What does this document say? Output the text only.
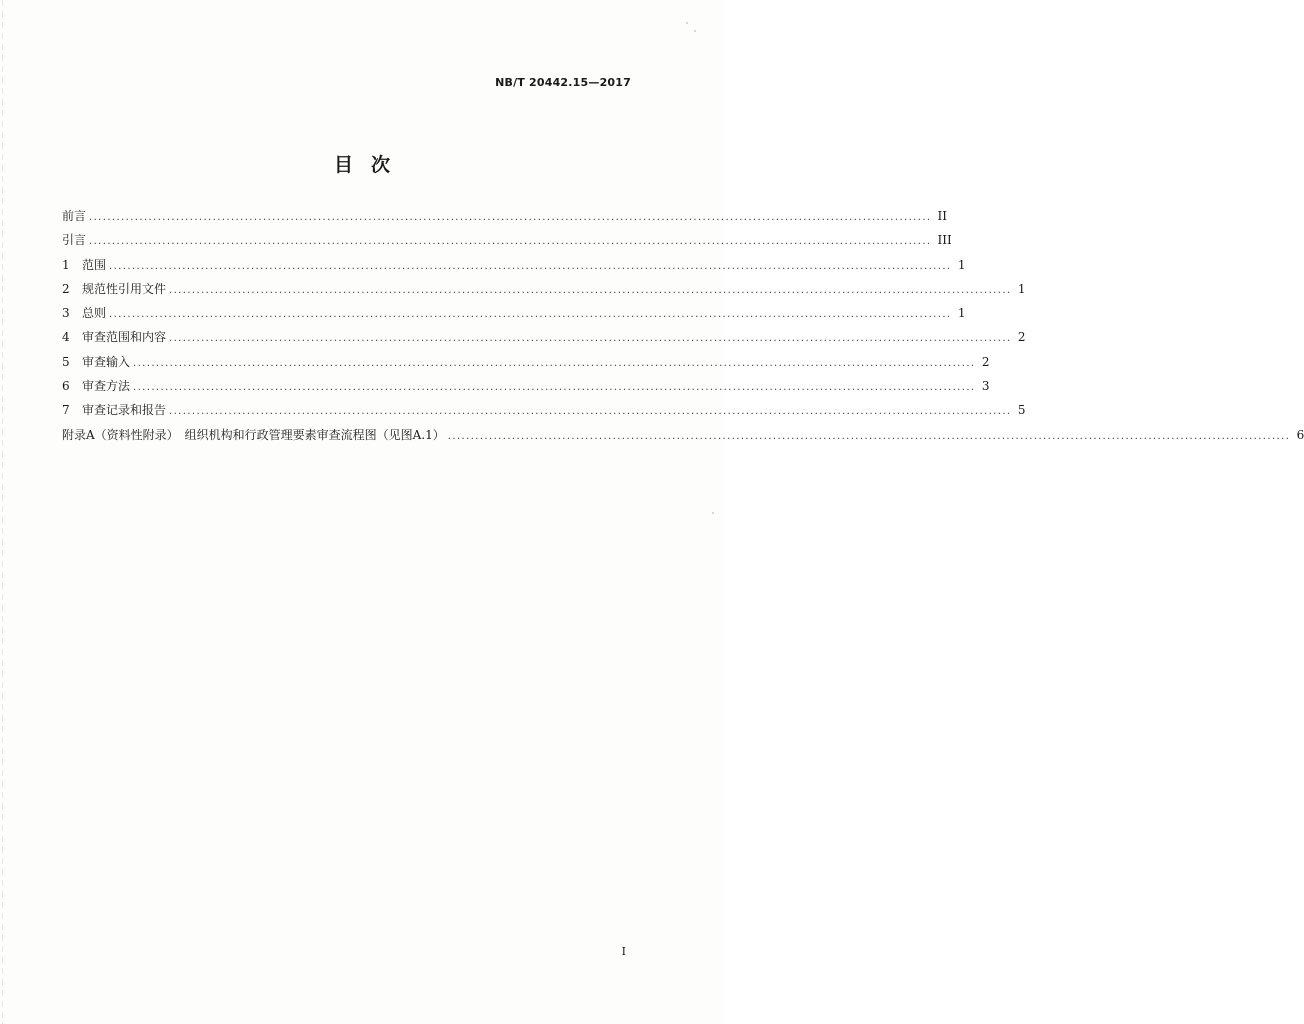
NB/T 20442.15—2017
目次
前言 ........................................................................................................................................................................................ II
引言 ........................................................................................................................................................................................ III
1	范围 ........................................................................................................................................................................................ 1
2	规范性引用文件 ........................................................................................................................................................................................ 1
3	总则 ........................................................................................................................................................................................ 1
4	审查范围和内容 ........................................................................................................................................................................................ 2
5	审查输入 ........................................................................................................................................................................................ 2
6	审查方法 ........................................................................................................................................................................................ 3
7	审查记录和报告 ........................................................................................................................................................................................ 5
附录A（资料性附录）　组织机构和行政管理要素审查流程图（见图A.1） ........................................................................................................................................................................................ 6
I
